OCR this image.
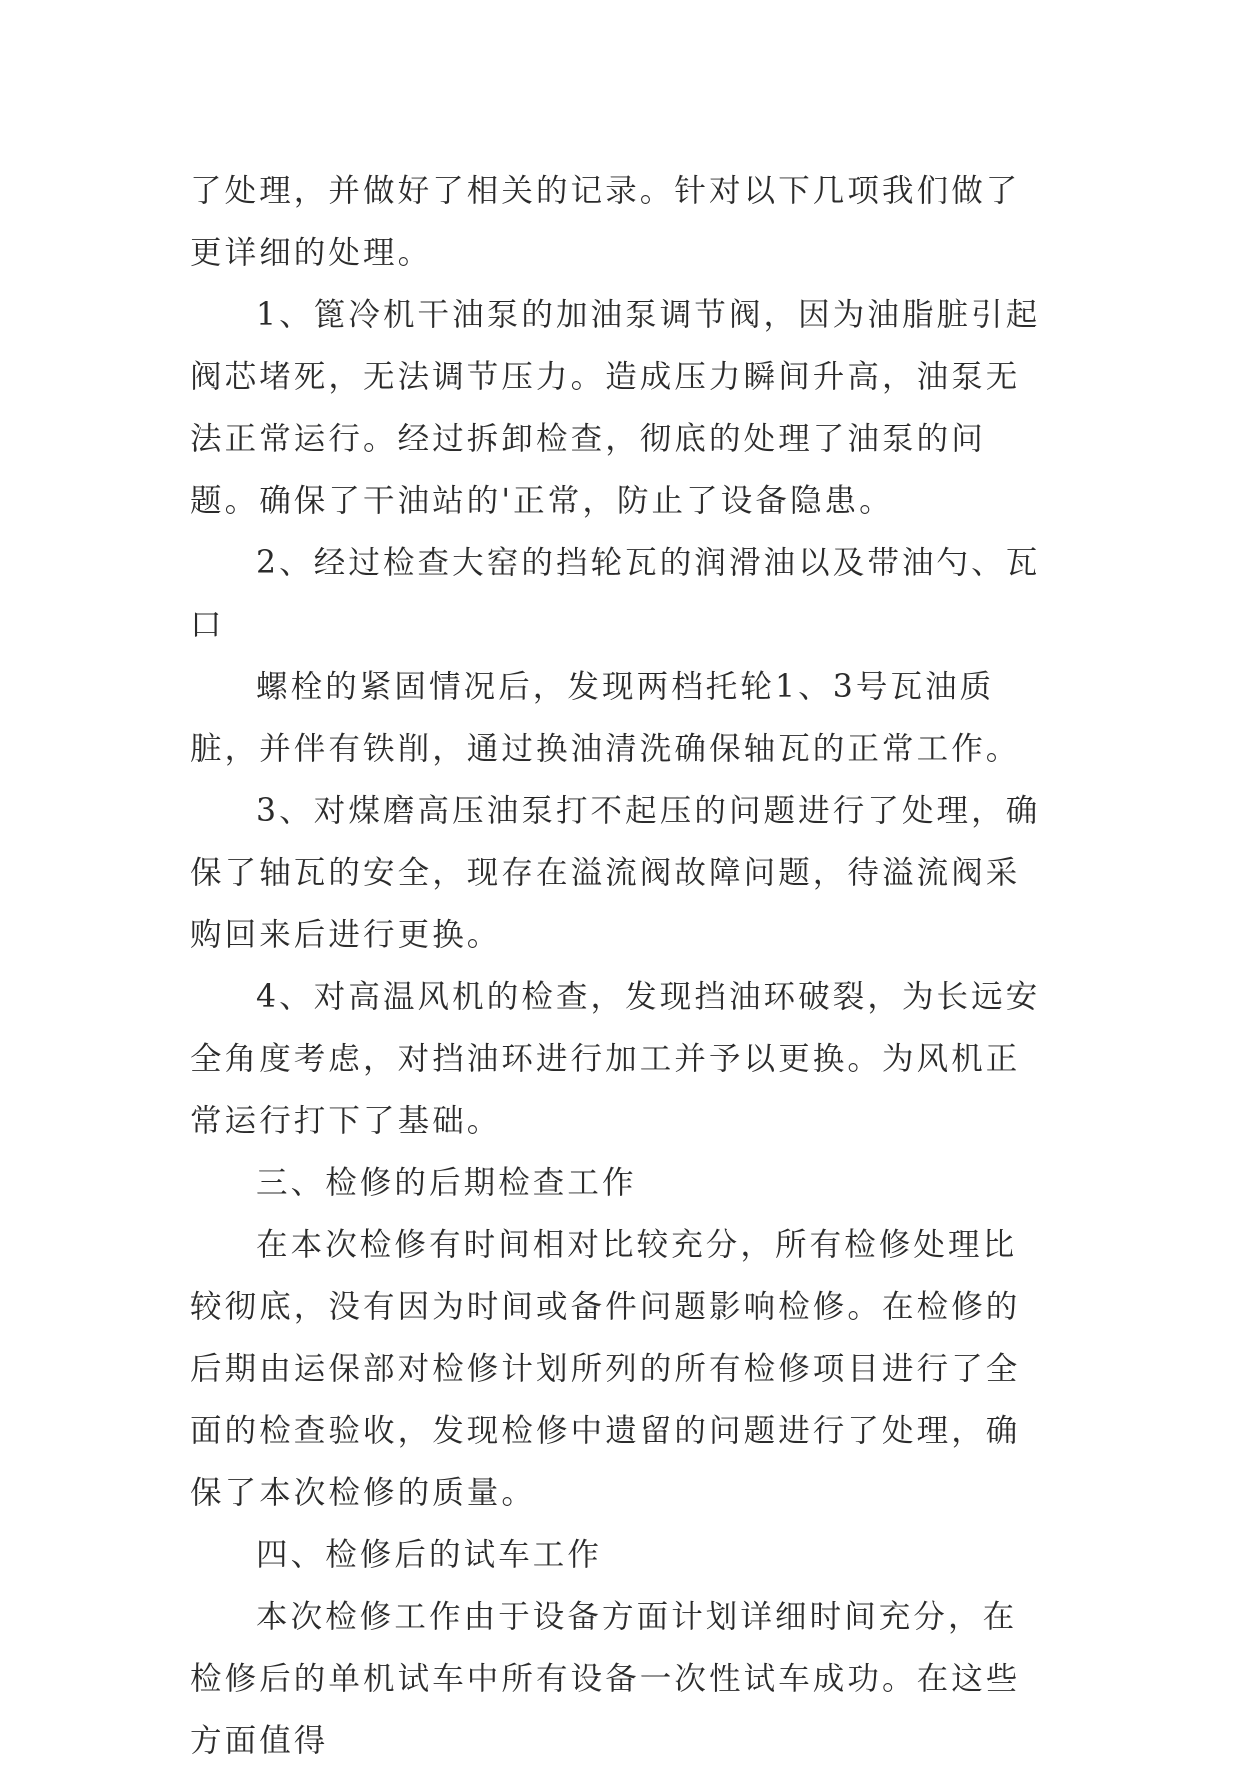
了处理，并做好了相关的记录。针对以下几项我们做了更详细的处理。

1、篦冷机干油泵的加油泵调节阀，因为油脂脏引起阀芯堵死，无法调节压力。造成压力瞬间升高，油泵无法正常运行。经过拆卸检查，彻底的处理了油泵的问题。确保了干油站的'正常，防止了设备隐患。

2、经过检查大窑的挡轮瓦的润滑油以及带油勺、瓦口

螺栓的紧固情况后，发现两档托轮1、3号瓦油质脏，并伴有铁削，通过换油清洗确保轴瓦的正常工作。

3、对煤磨高压油泵打不起压的问题进行了处理，确保了轴瓦的安全，现存在溢流阀故障问题，待溢流阀采购回来后进行更换。

4、对高温风机的检查，发现挡油环破裂，为长远安全角度考虑，对挡油环进行加工并予以更换。为风机正常运行打下了基础。

三、检修的后期检查工作

在本次检修有时间相对比较充分，所有检修处理比较彻底，没有因为时间或备件问题影响检修。在检修的后期由运保部对检修计划所列的所有检修项目进行了全面的检查验收，发现检修中遗留的问题进行了处理，确保了本次检修的质量。

四、检修后的试车工作

本次检修工作由于设备方面计划详细时间充分，在检修后的单机试车中所有设备一次性试车成功。在这些方面值得
